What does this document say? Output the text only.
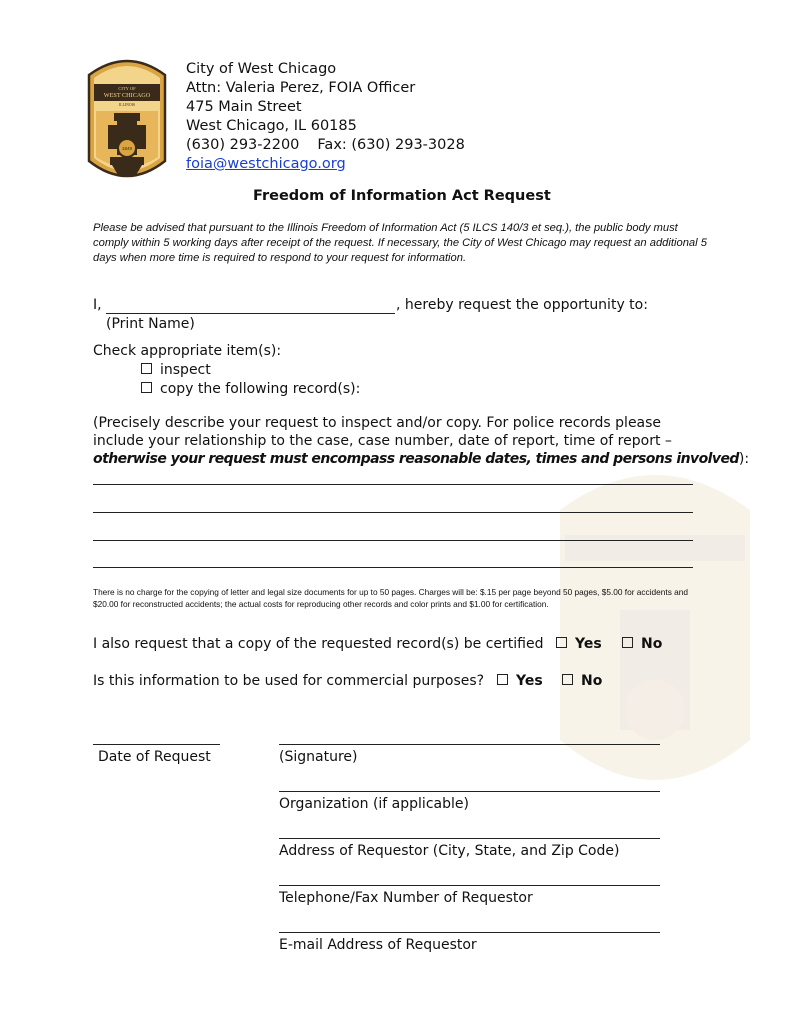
CITY OF
WEST CHICAGO
ILLINOIS
1849
City of West Chicago
Attn: Valeria Perez, FOIA Officer
475 Main Street
West Chicago, IL 60185
(630) 293-2200 Fax: (630) 293-3028
foia@westchicago.org
Freedom of Information Act Request
Please be advised that pursuant to the Illinois Freedom of Information Act (5 ILCS 140/3 et seq.), the public body must comply within 5 working days after receipt of the request. If necessary, the City of West Chicago may request an additional 5 days when more time is required to respond to your request for information.
I,	, hereby request the opportunity to:
(Print Name)
Check appropriate item(s):
inspect
copy the following record(s):
(Precisely describe your request to inspect and/or copy. For police records please
include your relationship to the case, case number, date of report, time of report –
otherwise your request must encompass reasonable dates, times and persons involved):
There is no charge for the copying of letter and legal size documents for up to 50 pages. Charges will be: $.15 per page beyond 50 pages, $5.00 for accidents and $20.00 for reconstructed accidents; the actual costs for reproducing other records and color prints and $1.00 for certification.
I also request that a copy of the requested record(s) be certified	Yes	No
Is this information to be used for commercial purposes?	Yes	No
Date of Request	(Signature)
Organization (if applicable)
Address of Requestor (City, State, and Zip Code)
Telephone/Fax Number of Requestor
E-mail Address of Requestor
